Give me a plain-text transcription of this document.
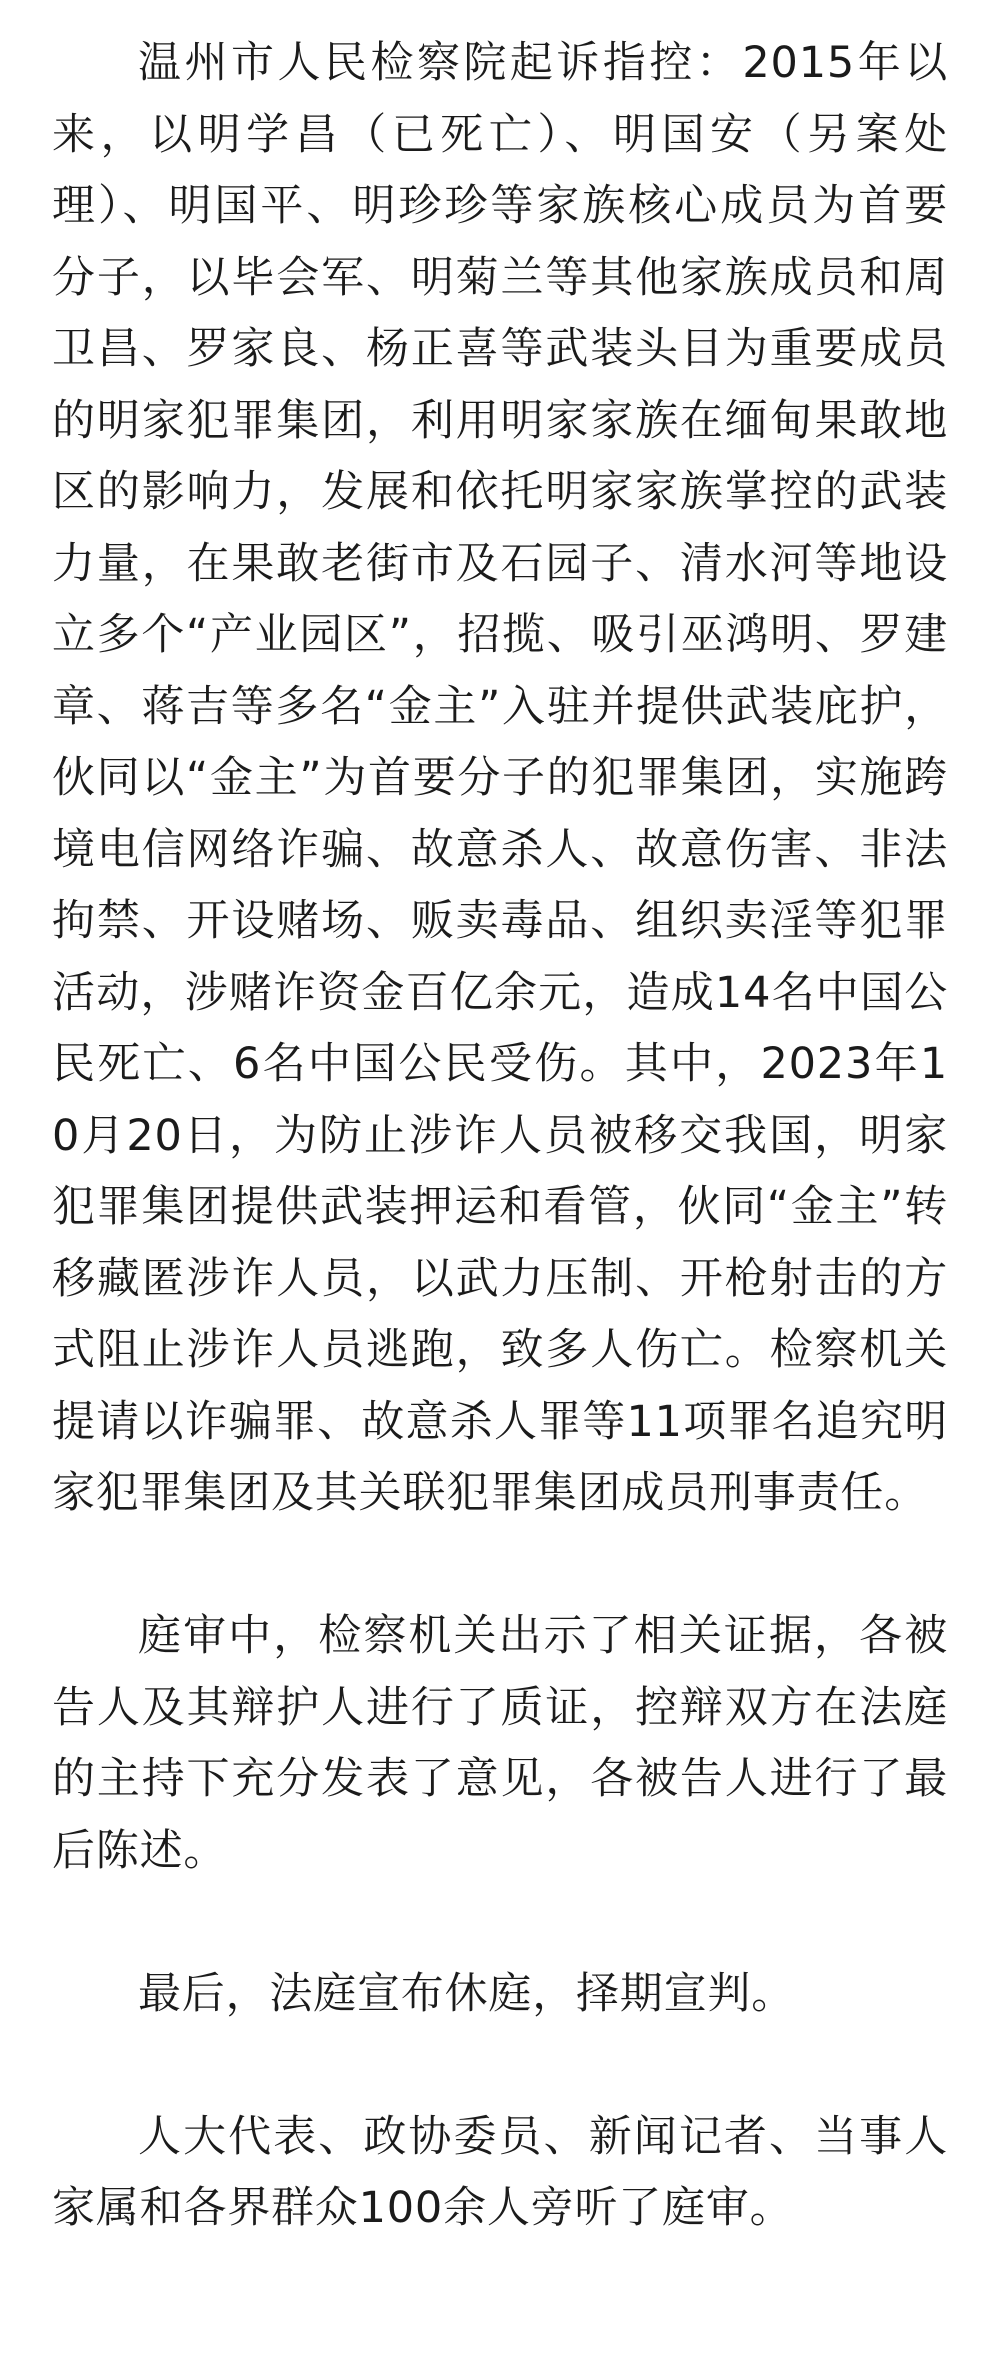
温州市人民检察院起诉指控：2015年以来，以明学昌（已死亡）、明国安（另案处理）、明国平、明珍珍等家族核心成员为首要分子，以毕会军、明菊兰等其他家族成员和周卫昌、罗家良、杨正喜等武装头目为重要成员的明家犯罪集团，利用明家家族在缅甸果敢地区的影响力，发展和依托明家家族掌控的武装力量，在果敢老街市及石园子、清水河等地设立多个“产业园区”，招揽、吸引巫鸿明、罗建章、蒋吉等多名“金主”入驻并提供武装庇护，伙同以“金主”为首要分子的犯罪集团，实施跨境电信网络诈骗、故意杀人、故意伤害、非法拘禁、开设赌场、贩卖毒品、组织卖淫等犯罪活动，涉赌诈资金百亿余元，造成14名中国公民死亡、6名中国公民受伤。其中，2023年10月20日，为防止涉诈人员被移交我国，明家犯罪集团提供武装押运和看管，伙同“金主”转移藏匿涉诈人员，以武力压制、开枪射击的方式阻止涉诈人员逃跑，致多人伤亡。检察机关提请以诈骗罪、故意杀人罪等11项罪名追究明家犯罪集团及其关联犯罪集团成员刑事责任。

庭审中，检察机关出示了相关证据，各被告人及其辩护人进行了质证，控辩双方在法庭的主持下充分发表了意见，各被告人进行了最后陈述。

最后，法庭宣布休庭，择期宣判。

人大代表、政协委员、新闻记者、当事人家属和各界群众100余人旁听了庭审。
